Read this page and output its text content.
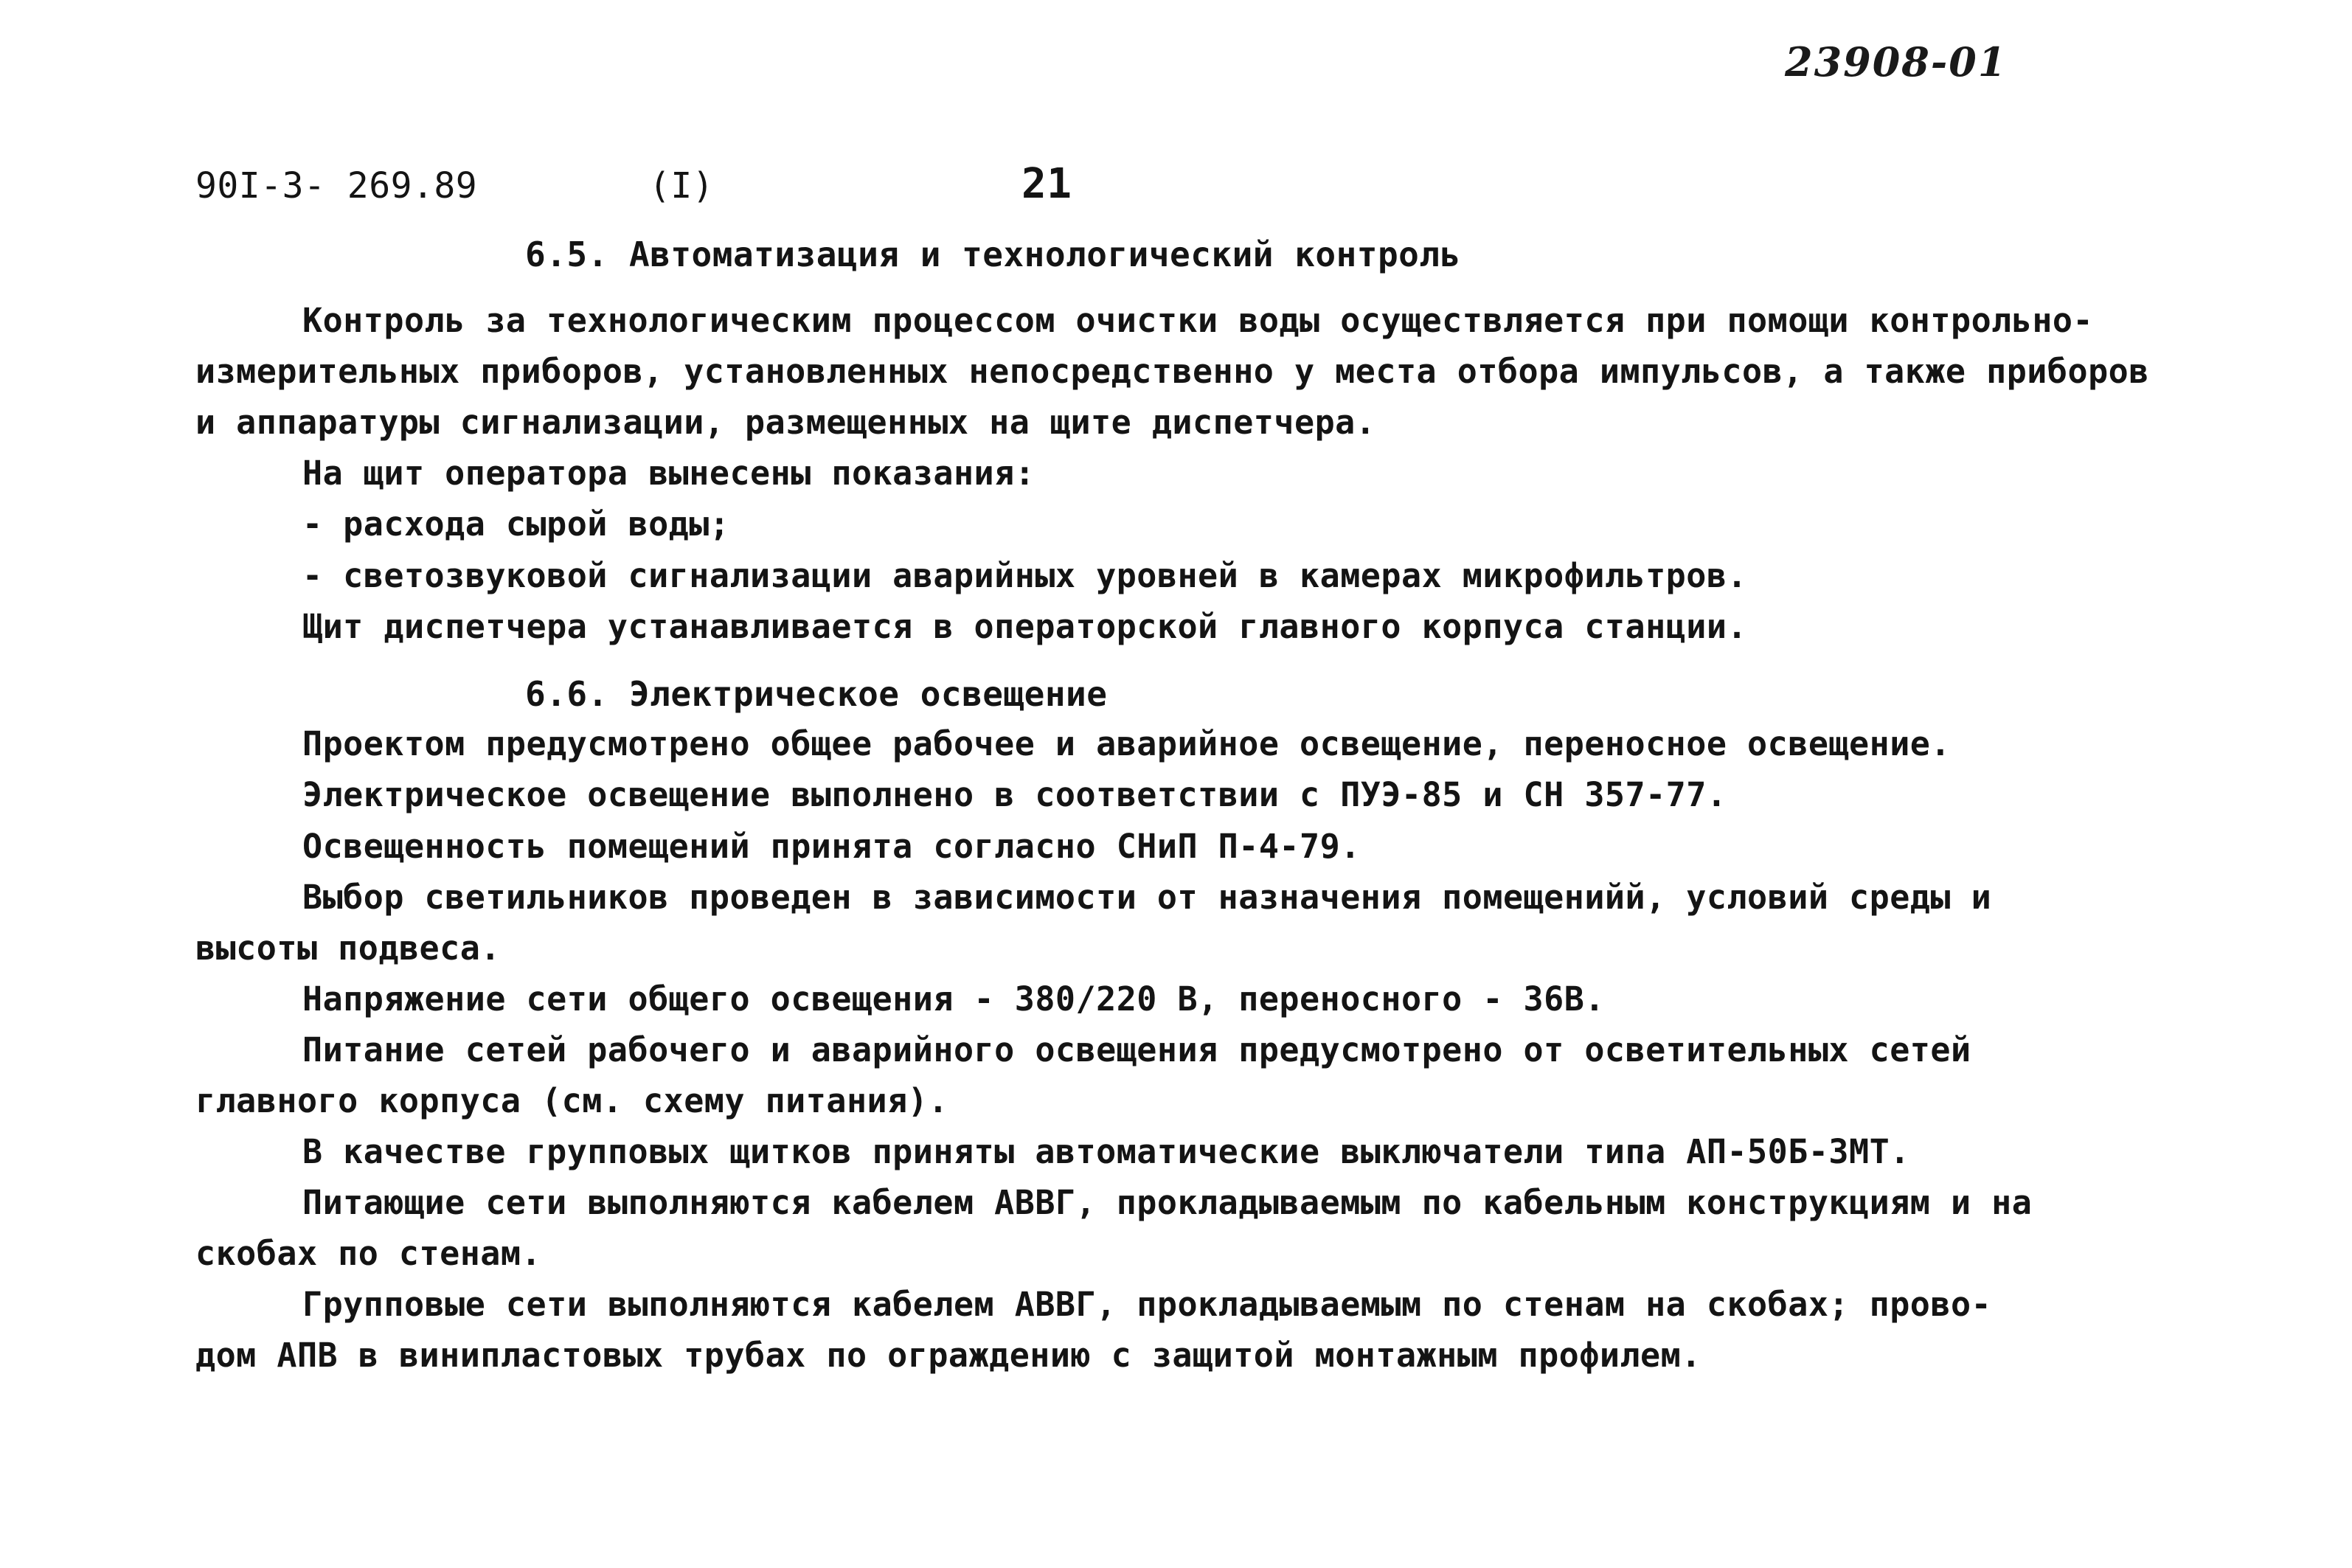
23908-01
90I-3- 269.89	(I)	21
6.5. Автоматизация и технологический контроль
Контроль за технологическим процессом очистки воды осуществляется при помощи контрольно-
измерительных приборов, установленных непосредственно у места отбора импульсов, а также приборов
и аппаратуры сигнализации, размещенных на щите диспетчера.
На щит оператора вынесены показания:
- расхода сырой воды;
- светозвуковой сигнализации аварийных уровней в камерах микрофильтров.
Щит диспетчера устанавливается в операторской главного корпуса станции.
6.6. Электрическое освещение
Проектом предусмотрено общее рабочее и аварийное освещение, переносное освещение.
Электрическое освещение выполнено в соответствии с ПУЭ-85 и СН 357-77.
Освещенность помещений принята согласно СНиП П-4-79.
Выбор светильников проведен в зависимости от назначения помещенийй, условий среды и
высоты подвеса.
Напряжение сети общего освещения - 380/220 В, переносного - 36В.
Питание сетей рабочего и аварийного освещения предусмотрено от осветительных сетей
главного корпуса (см. схему питания).
В качестве групповых щитков приняты автоматические выключатели типа АП-50Б-3МТ.
Питающие сети выполняются кабелем АВВГ, прокладываемым по кабельным конструкциям и на
скобах по стенам.
Групповые сети выполняются кабелем АВВГ, прокладываемым по стенам на скобах; прово-
дом АПВ в винипластовых трубах по ограждению с защитой монтажным профилем.
